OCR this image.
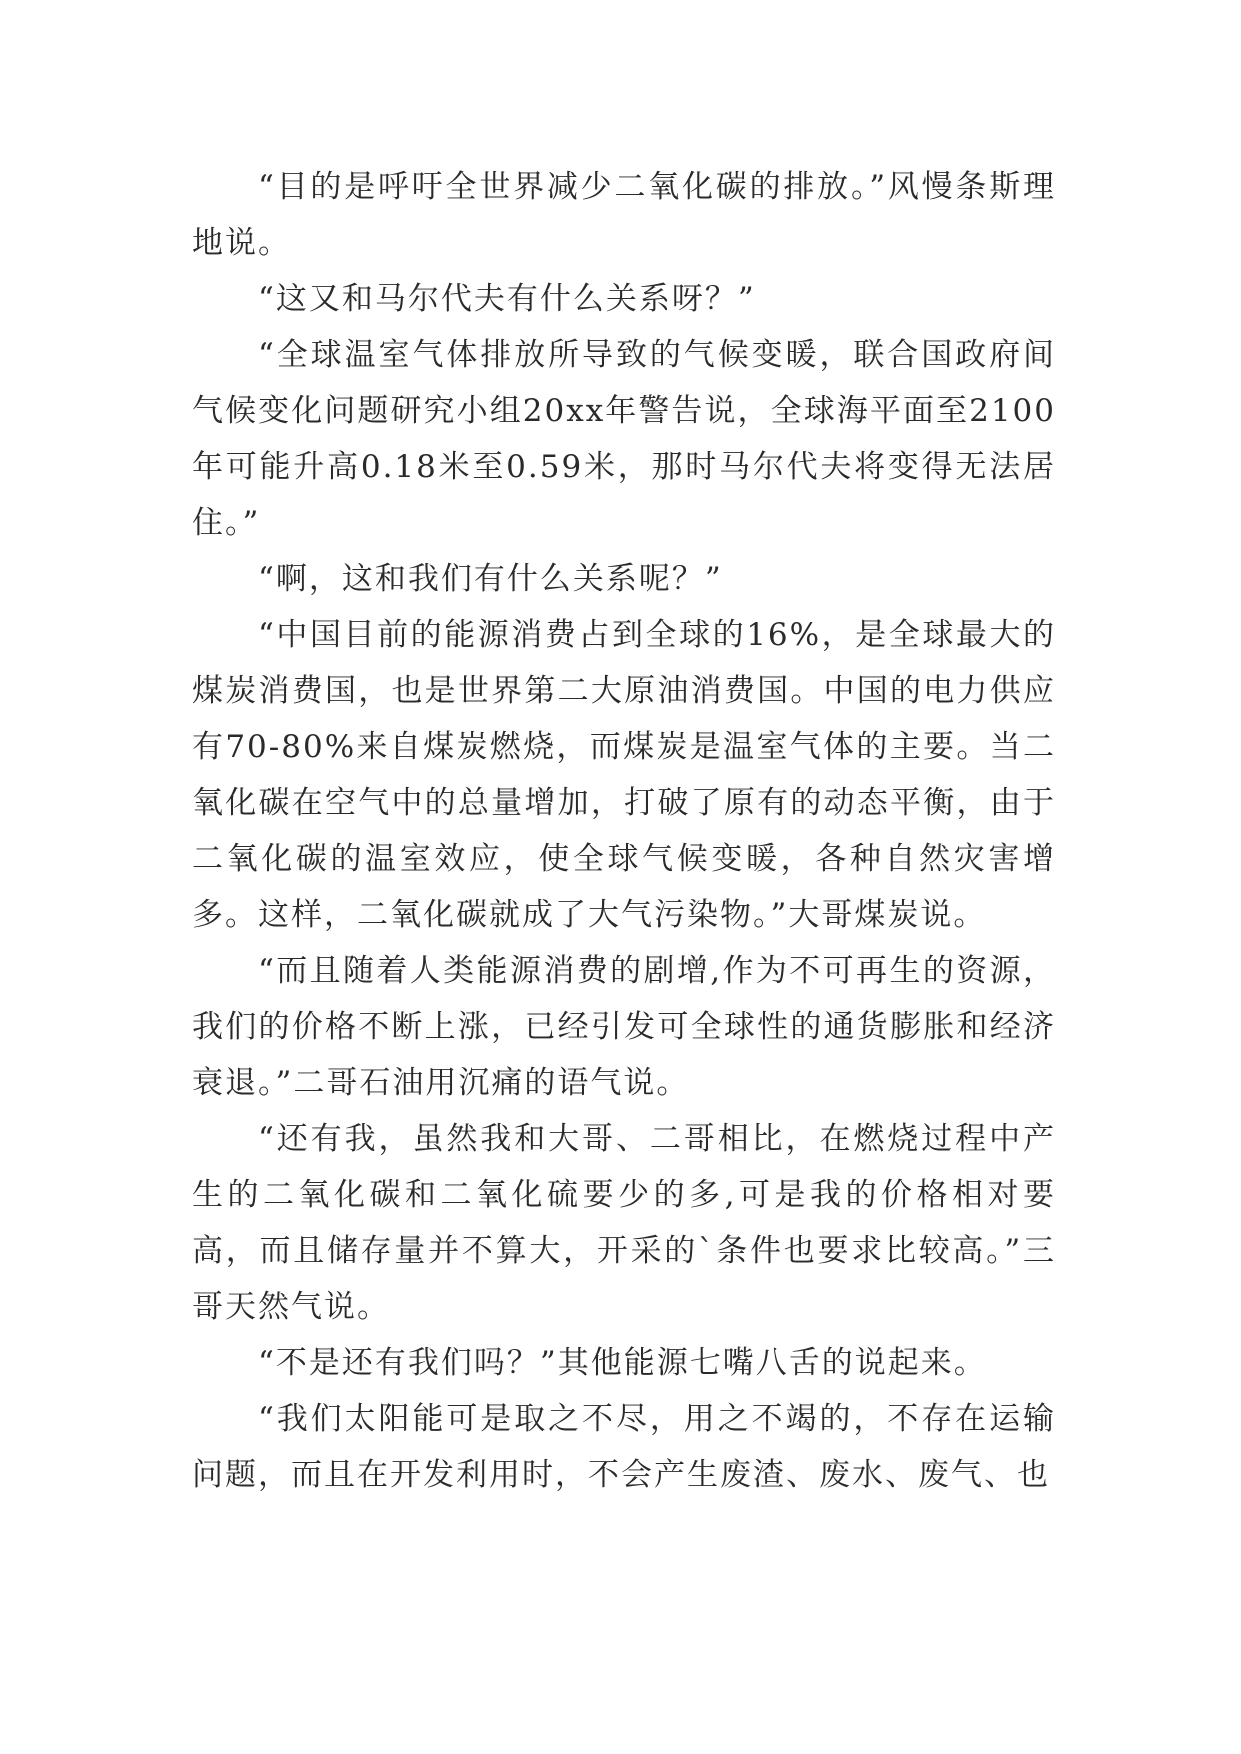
“目的是呼吁全世界减少二氧化碳的排放。”风慢条斯理地说。

“这又和马尔代夫有什么关系呀？”

“全球温室气体排放所导致的气候变暖，联合国政府间气候变化问题研究小组20xx年警告说，全球海平面至2100年可能升高0.18米至0.59米，那时马尔代夫将变得无法居住。”

“啊，这和我们有什么关系呢？”

“中国目前的能源消费占到全球的16%，是全球最大的煤炭消费国，也是世界第二大原油消费国。中国的电力供应有70-80%来自煤炭燃烧，而煤炭是温室气体的主要。当二氧化碳在空气中的总量增加，打破了原有的动态平衡，由于二氧化碳的温室效应，使全球气候变暖，各种自然灾害增多。这样，二氧化碳就成了大气污染物。”大哥煤炭说。

“而且随着人类能源消费的剧增,作为不可再生的资源，我们的价格不断上涨，已经引发可全球性的通货膨胀和经济衰退。”二哥石油用沉痛的语气说。

“还有我，虽然我和大哥、二哥相比，在燃烧过程中产生的二氧化碳和二氧化硫要少的多,可是我的价格相对要高，而且储存量并不算大，开采的`条件也要求比较高。”三哥天然气说。

“不是还有我们吗？”其他能源七嘴八舌的说起来。

“我们太阳能可是取之不尽，用之不竭的，不存在运输问题，而且在开发利用时，不会产生废渣、废水、废气、也
